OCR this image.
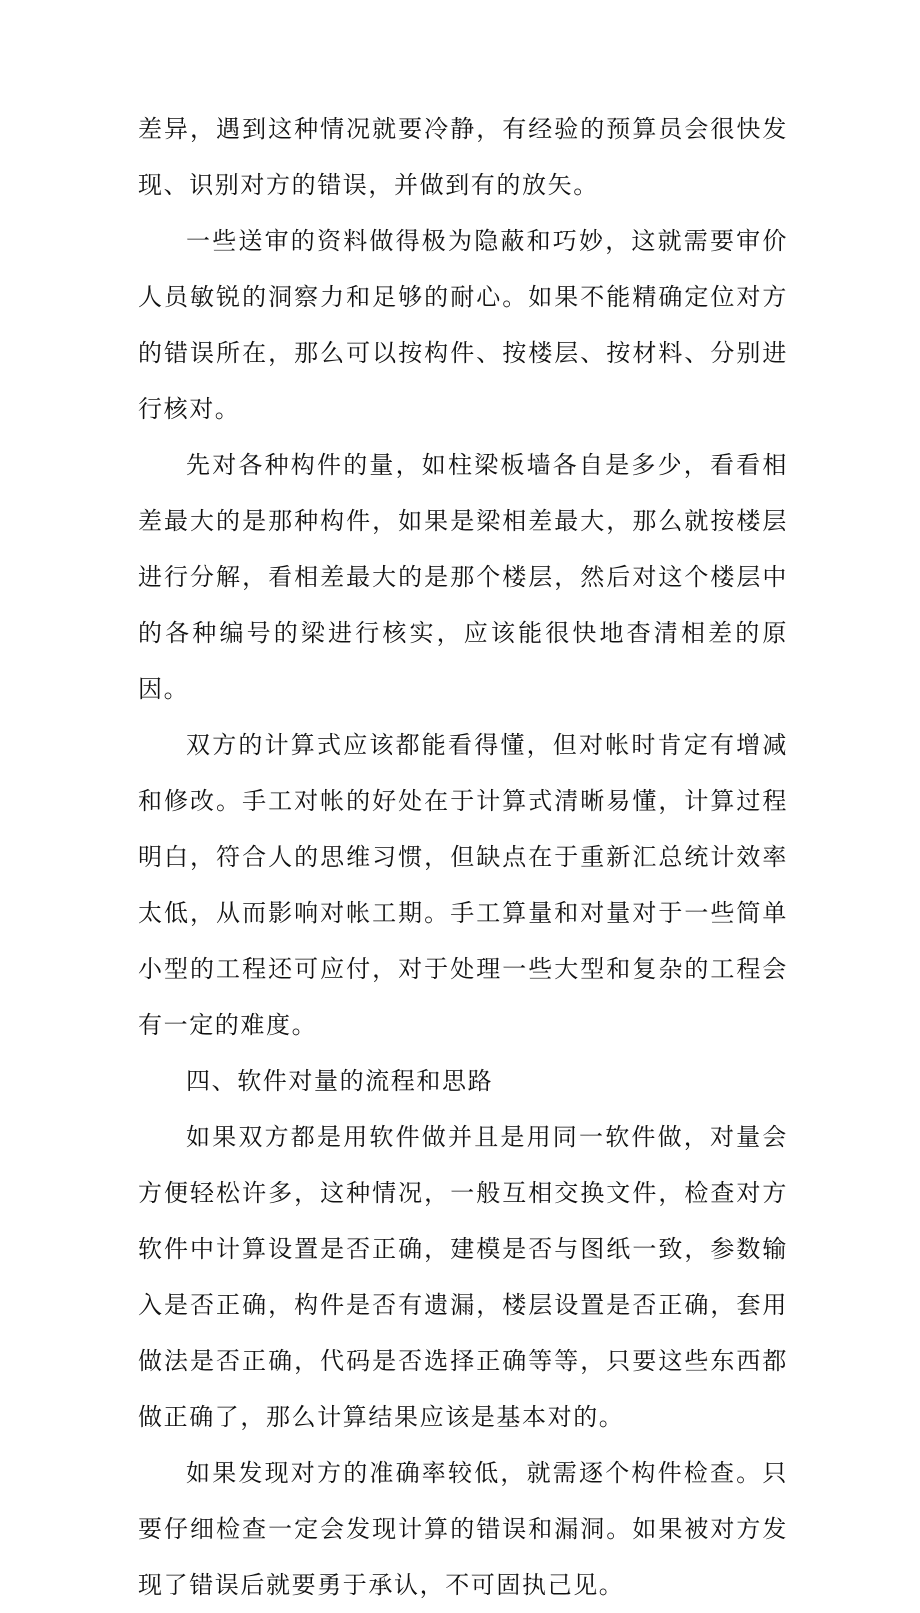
差异，遇到这种情况就要冷静，有经验的预算员会很快发现、识别对方的错误，并做到有的放矢。

一些送审的资料做得极为隐蔽和巧妙，这就需要审价人员敏锐的洞察力和足够的耐心。如果不能精确定位对方的错误所在，那么可以按构件、按楼层、按材料、分别进行核对。

先对各种构件的量，如柱梁板墙各自是多少，看看相差最大的是那种构件，如果是梁相差最大，那么就按楼层进行分解，看相差最大的是那个楼层，然后对这个楼层中的各种编号的梁进行核实，应该能很快地杳清相差的原因。

双方的计算式应该都能看得懂，但对帐时肯定有增减和修改。手工对帐的好处在于计算式清晰易懂，计算过程明白，符合人的思维习惯，但缺点在于重新汇总统计效率太低，从而影响对帐工期。手工算量和对量对于一些简单小型的工程还可应付，对于处理一些大型和复杂的工程会有一定的难度。

四、软件对量的流程和思路

如果双方都是用软件做并且是用同一软件做，对量会方便轻松许多，这种情况，一般互相交换文件，检查对方软件中计算设置是否正确，建模是否与图纸一致，参数输入是否正确，构件是否有遗漏，楼层设置是否正确，套用做法是否正确，代码是否选择正确等等，只要这些东西都做正确了，那么计算结果应该是基本对的。

如果发现对方的准确率较低，就需逐个构件检查。只要仔细检查一定会发现计算的错误和漏洞。如果被对方发现了错误后就要勇于承认，不可固执己见。
